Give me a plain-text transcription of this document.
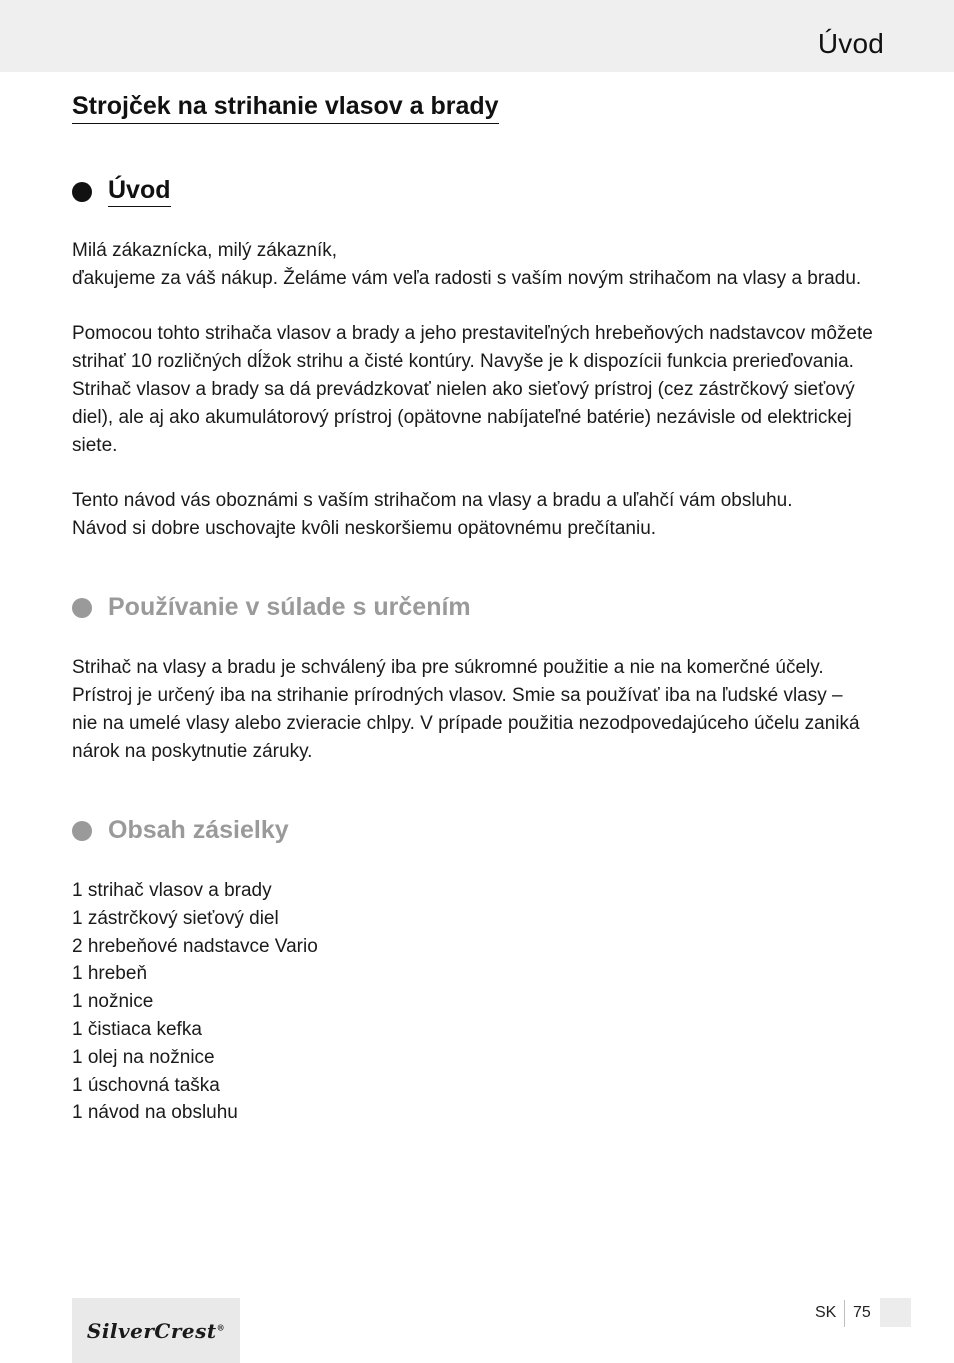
Úvod
Strojček na strihanie vlasov a brady
Úvod

Milá zákaznícka, milý zákazník,
ďakujeme za váš nákup. Želáme vám veľa radosti s vaším novým strihačom na vlasy a bradu.

Pomocou tohto strihača vlasov a brady a jeho prestaviteľných hrebeňových nadstavcov môžete
strihať 10 rozličných dĺžok strihu a čisté kontúry. Navyše je k dispozícii funkcia prerieďovania.
Strihač vlasov a brady sa dá prevádzkovať nielen ako sieťový prístroj (cez zástrčkový sieťový
diel), ale aj ako akumulátorový prístroj (opätovne nabíjateľné batérie) nezávisle od elektrickej
siete.

Tento návod vás oboznámi s vaším strihačom na vlasy a bradu a uľahčí vám obsluhu.
Návod si dobre uschovajte kvôli neskoršiemu opätovnému prečítaniu.

Používanie v súlade s určením

Strihač na vlasy a bradu je schválený iba pre súkromné použitie a nie na komerčné účely.
Prístroj je určený iba na strihanie prírodných vlasov. Smie sa používať iba na ľudské vlasy –
nie na umelé vlasy alebo zvieracie chlpy. V prípade použitia nezodpovedajúceho účelu zaniká
nárok na poskytnutie záruky.

Obsah zásielky
1 strihač vlasov a brady
1 zástrčkový sieťový diel
2 hrebeňové nadstavce Vario
1 hrebeň
1 nožnice
1 čistiaca kefka
1 olej na nožnice
1 úschovná taška
1 návod na obsluhu
SilverCrest®
SK 75
